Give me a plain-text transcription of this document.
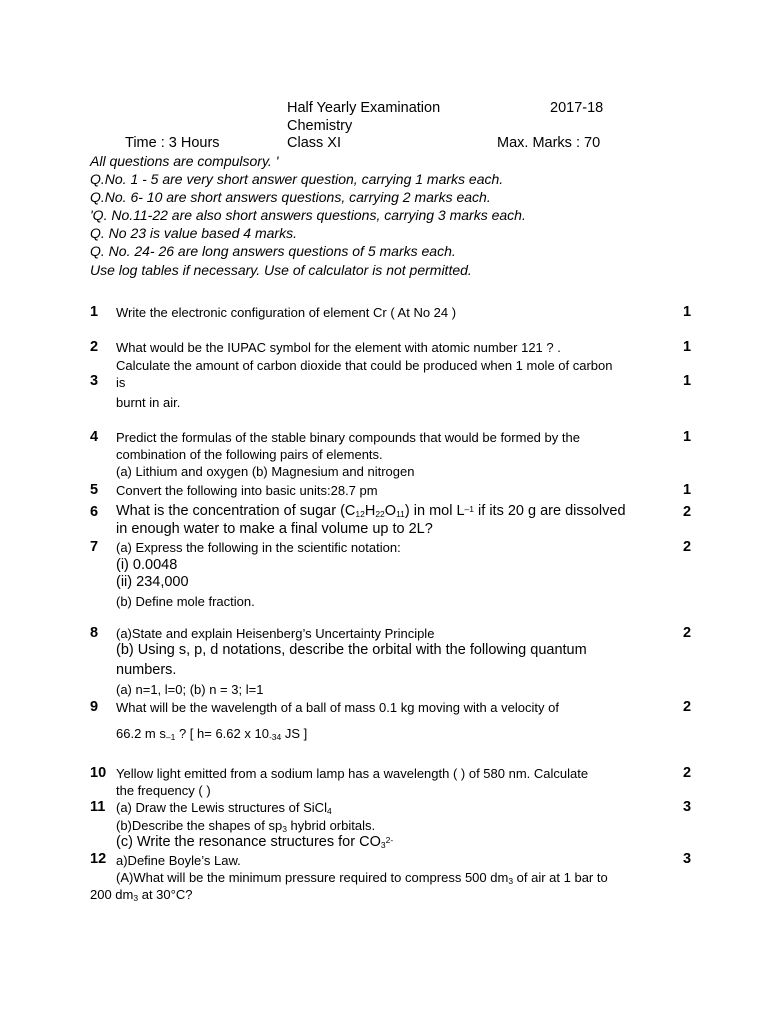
Half Yearly Examination	2017-18
Chemistry
Time : 3 Hours	Class XI	Max. Marks : 70
All questions are compulsory. '
Q.No. 1 - 5 are very short answer question, carrying 1 marks each.
Q.No. 6- 10 are short answers questions, carrying 2 marks each.
'Q. No.11-22 are also short answers questions, carrying 3 marks each.
Q. No 23 is value based 4 marks.
Q. No. 24- 26 are long answers questions of 5 marks each.
Use log tables if necessary. Use of calculator is not permitted.
1 Write the electronic configuration of element Cr ( At No 24 )	1
2 What would be the IUPAC symbol for the element with atomic number 121 ? .	1
Calculate the amount of carbon dioxide that could be produced when 1 mole of carbon
3 is	1
burnt in air.
4 Predict the formulas of the stable binary compounds that would be formed by the	1
combination of the following pairs of elements.
(a) Lithium and oxygen (b) Magnesium and nitrogen
5 Convert the following into basic units:28.7 pm	1
6 What is the concentration of sugar $(C_{12}H_{22}O_{11})$ in mol $L^{-1}$ if its 20 g are dissolved	2
in enough water to make a final volume up to 2L?
7 (a) Express the following in the scientific notation:	2
(i) 0.0048
(ii) 234,000
(b) Define mole fraction.
8 (a)State and explain Heisenberg’s Uncertainty Principle	2
(b) Using s, p, d notations, describe the orbital with the following quantum
numbers.
(a) n=1, l=0; (b) n = 3; l=1
9 What will be the wavelength of a ball of mass 0.1 kg moving with a velocity of	2
66.2 m $s_{-1}$ ? [ h= 6.62 x $10_{-34}$ JS ]
10 Yellow light emitted from a sodium lamp has a wavelength ( ) of 580 nm. Calculate	2
the frequency ( )
11 (a) Draw the Lewis structures of SiCl$_4$	3
(b)Describe the shapes of $sp_3$ hybrid orbitals.
(c) Write the resonance structures for $CO_3^{2-}$
12 a)Define Boyle’s Law.	3
(A)What will be the minimum pressure required to compress 500 $dm_3$ of air at 1 bar to
200 $dm_3$ at 30°C?
